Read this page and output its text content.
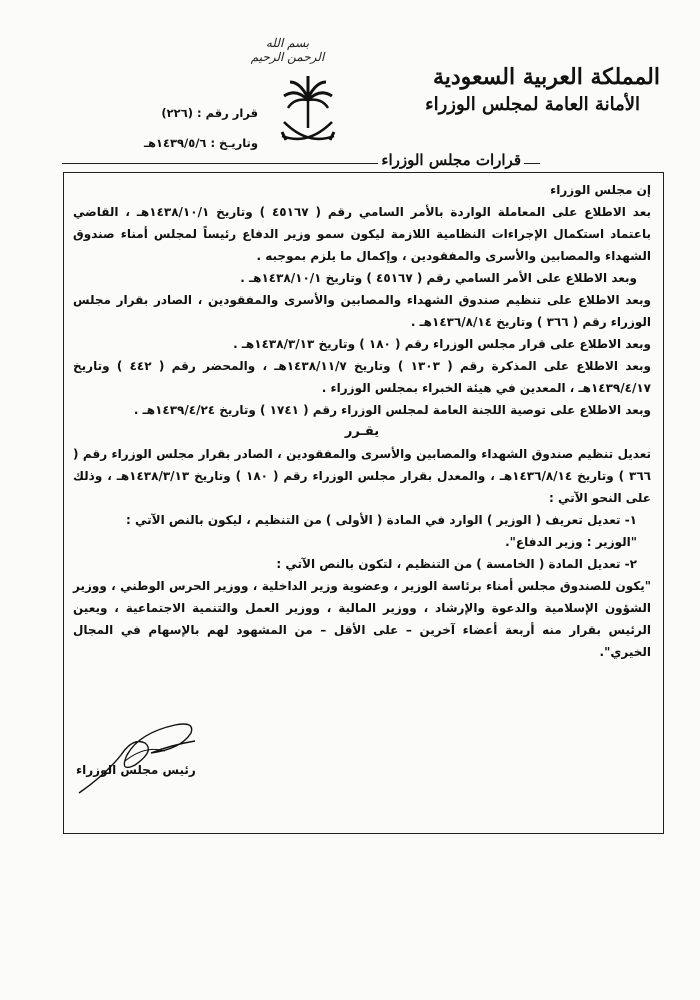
بسم الله الرحمن الرحيم
المملكة العربية السعودية
الأمانة العامة لمجلس الوزراء
قرار رقم : (٢٢٦)
وتاريـخ : ١٤٣٩/٥/٦هـ
قرارات مجلس الوزراء

إن مجلس الوزراء

بعد الاطلاع على المعاملة الواردة بالأمر السامي رقم ( ٤٥١٦٧ ) وتاريخ ١٤٣٨/١٠/١هـ ، القاضي باعتماد استكمال الإجراءات النظامية اللازمة ليكون سمو وزير الدفاع رئيساً لمجلس أمناء صندوق الشهداء والمصابين والأسرى والمفقودين ، وإكمال ما يلزم بموجبه .

وبعد الاطلاع على الأمر السامي رقم ( ٤٥١٦٧ ) وتاريخ ١٤٣٨/١٠/١هـ .

وبعد الاطلاع على تنظيم صندوق الشهداء والمصابين والأسرى والمفقودين ، الصادر بقرار مجلس الوزراء رقم ( ٣٦٦ ) وتاريخ ١٤٣٦/٨/١٤هـ .

وبعد الاطلاع على قرار مجلس الوزراء رقم ( ١٨٠ ) وتاريخ ١٤٣٨/٣/١٣هـ .

وبعد الاطلاع على المذكرة رقم ( ١٣٠٣ ) وتاريخ ١٤٣٨/١١/٧هـ ، والمحضر رقم ( ٤٤٢ ) وتاريخ ١٤٣٩/٤/١٧هـ ، المعدين في هيئة الخبراء بمجلس الوزراء .

وبعد الاطلاع على توصية اللجنة العامة لمجلس الوزراء رقم ( ١٧٤١ ) وتاريخ ١٤٣٩/٤/٢٤هـ .

يقـرر

تعديل تنظيم صندوق الشهداء والمصابين والأسرى والمفقودين ، الصادر بقرار مجلس الوزراء رقم ( ٣٦٦ ) وتاريخ ١٤٣٦/٨/١٤هـ ، والمعدل بقرار مجلس الوزراء رقم ( ١٨٠ ) وتاريخ ١٤٣٨/٣/١٣هـ ، وذلك على النحو الآتي :

١- تعديل تعريف ( الوزير ) الوارد في المادة ( الأولى ) من التنظيم ، ليكون بالنص الآتي :

"الوزير : وزير الدفاع".

٢- تعديل المادة ( الخامسة ) من التنظيم ، لتكون بالنص الآتي :

"يكون للصندوق مجلس أمناء برئاسة الوزير ، وعضوية وزير الداخلية ، ووزير الحرس الوطني ، ووزير الشؤون الإسلامية والدعوة والإرشاد ، ووزير المالية ، ووزير العمل والتنمية الاجتماعية ، ويعين الرئيس بقرار منه أربعة أعضاء آخرين – على الأقل – من المشهود لهم بالإسهام في المجال الخيري".

رئيس مجلس الوزراء
